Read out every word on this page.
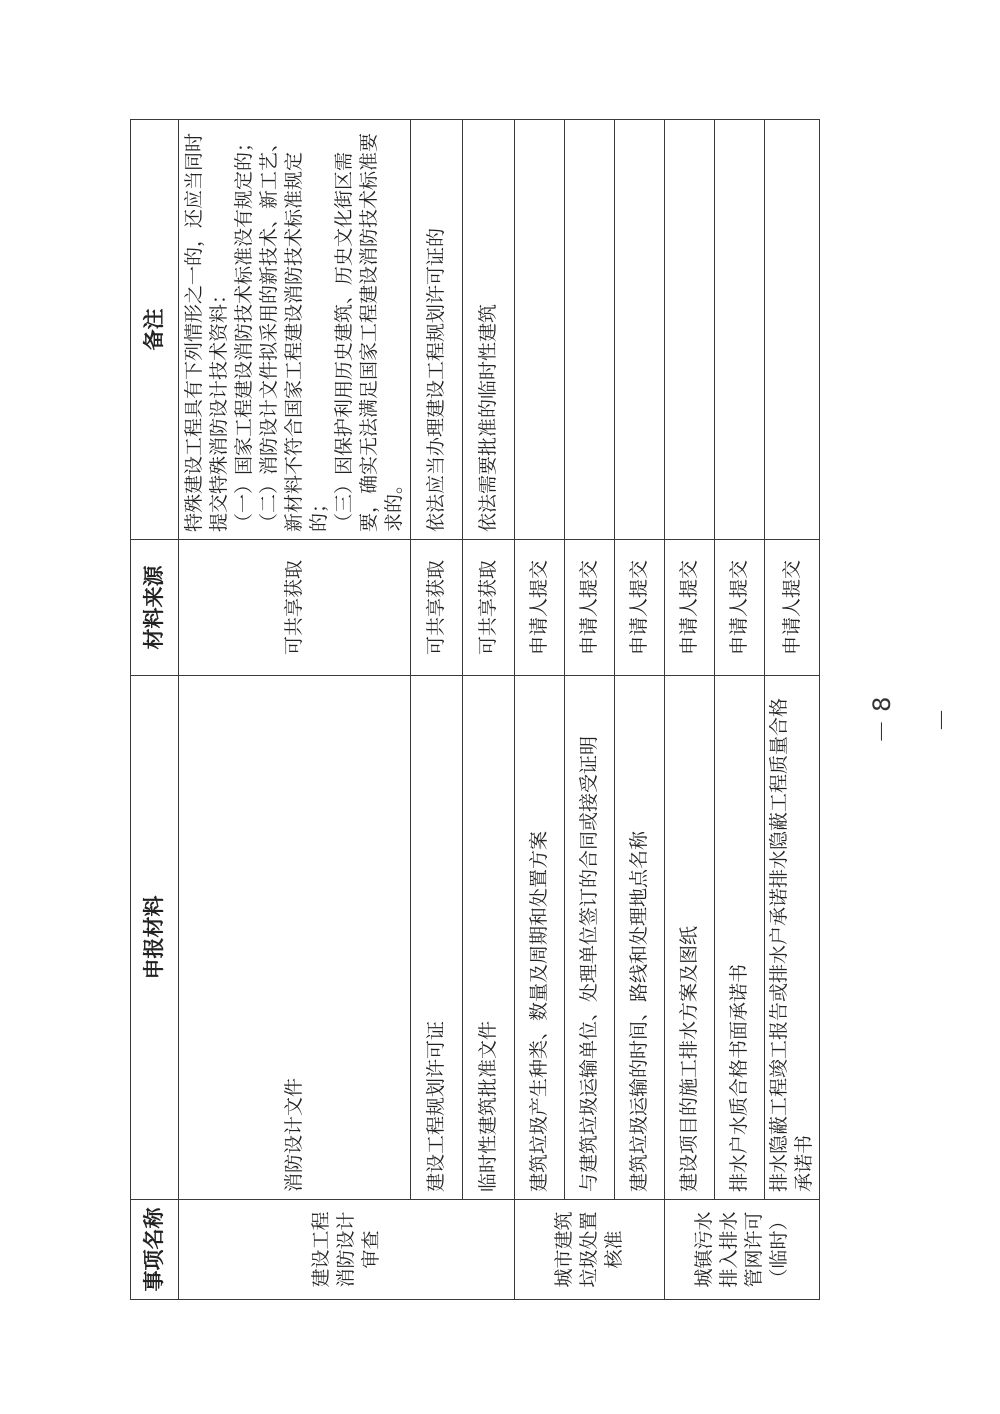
事项名称	申报材料	材料来源	备注
建设工程消防设计审查	消防设计文件	可共享获取	特殊建设工程具有下列情形之一的，还应当同时提交特殊消防设计技术资料： （一）国家工程建设消防技术标准没有规定的； （二）消防设计文件拟采用的新技术、新工艺、新材料不符合国家工程建设消防技术标准规定的； （三）因保护利用历史建筑、历史文化街区需要，确实无法满足国家工程建设消防技术标准要求的。

	建设工程规划许可证	可共享获取	依法应当办理建设工程规划许可证的
	临时性建筑批准文件	可共享获取	依法需要批准的临时性建筑
城市建筑垃圾处置核准	建筑垃圾产生种类、数量及周期和处置方案	申请人提交	
	与建筑垃圾运输单位、处理单位签订的合同或接受证明	申请人提交	
	建筑垃圾运输的时间、路线和处理地点名称	申请人提交	
城镇污水排入排水管网许可（临时）	建设项目的施工排水方案及图纸	申请人提交	
	排水户水质合格书面承诺书	申请人提交	
	排水隐蔽工程竣工报告或排水户承诺排水隐蔽工程质量合格承诺书	申请人提交	
－ 8 －
